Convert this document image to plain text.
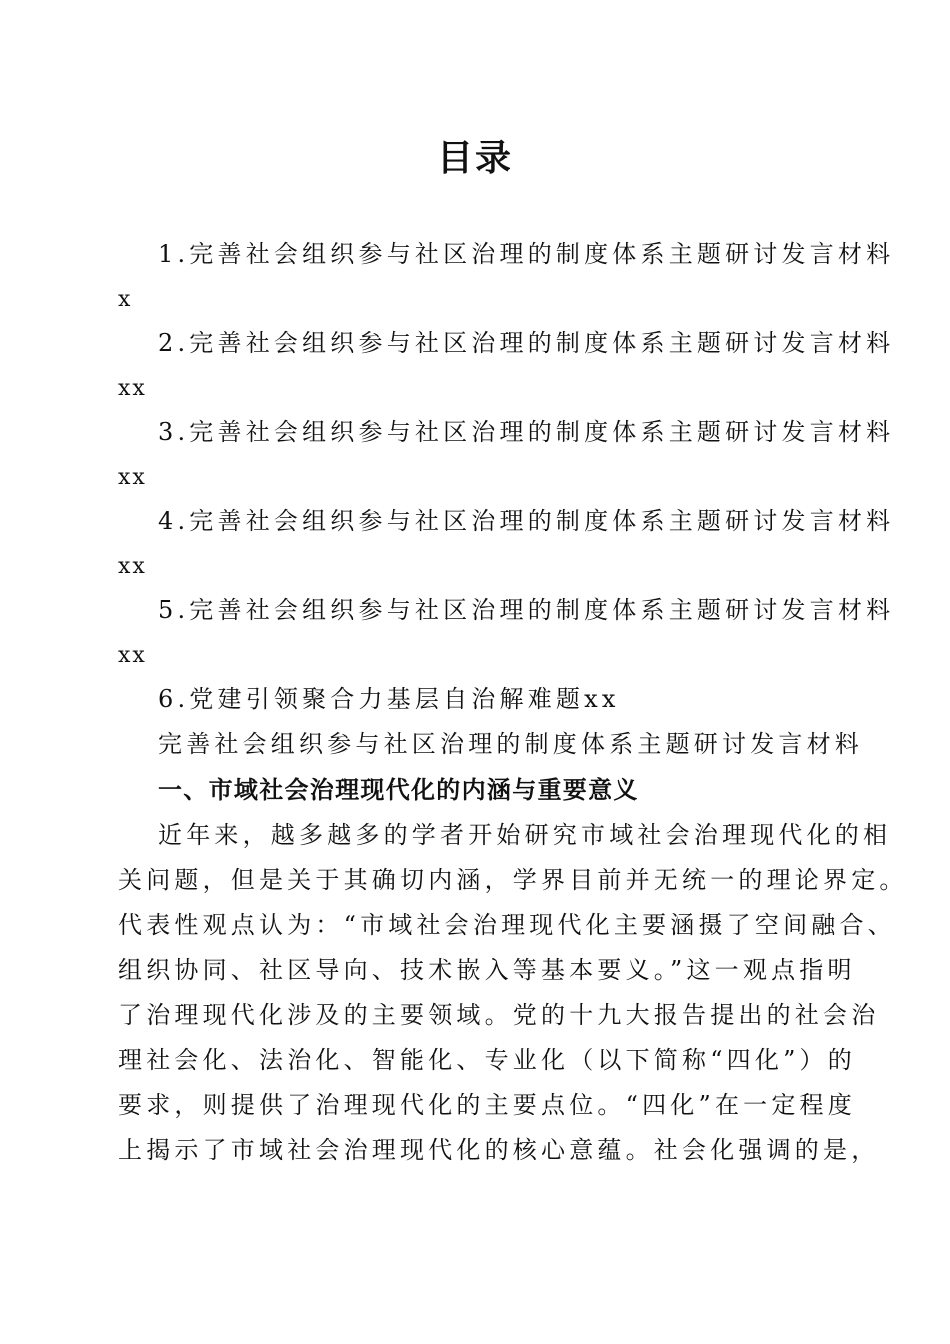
目录
1.完善社会组织参与社区治理的制度体系主题研讨发言材料
x
2.完善社会组织参与社区治理的制度体系主题研讨发言材料
xx
3.完善社会组织参与社区治理的制度体系主题研讨发言材料
xx
4.完善社会组织参与社区治理的制度体系主题研讨发言材料
xx
5.完善社会组织参与社区治理的制度体系主题研讨发言材料
xx
6.党建引领聚合力基层自治解难题xx
完善社会组织参与社区治理的制度体系主题研讨发言材料
一、市域社会治理现代化的内涵与重要意义
近年来，越多越多的学者开始研究市域社会治理现代化的相
关问题，但是关于其确切内涵，学界目前并无统一的理论界定。
代表性观点认为：“市域社会治理现代化主要涵摄了空间融合、
组织协同、社区导向、技术嵌入等基本要义。”这一观点指明
了治理现代化涉及的主要领域。党的十九大报告提出的社会治
理社会化、法治化、智能化、专业化（以下简称“四化”）的
要求，则提供了治理现代化的主要点位。“四化”在一定程度
上揭示了市域社会治理现代化的核心意蕴。社会化强调的是，
